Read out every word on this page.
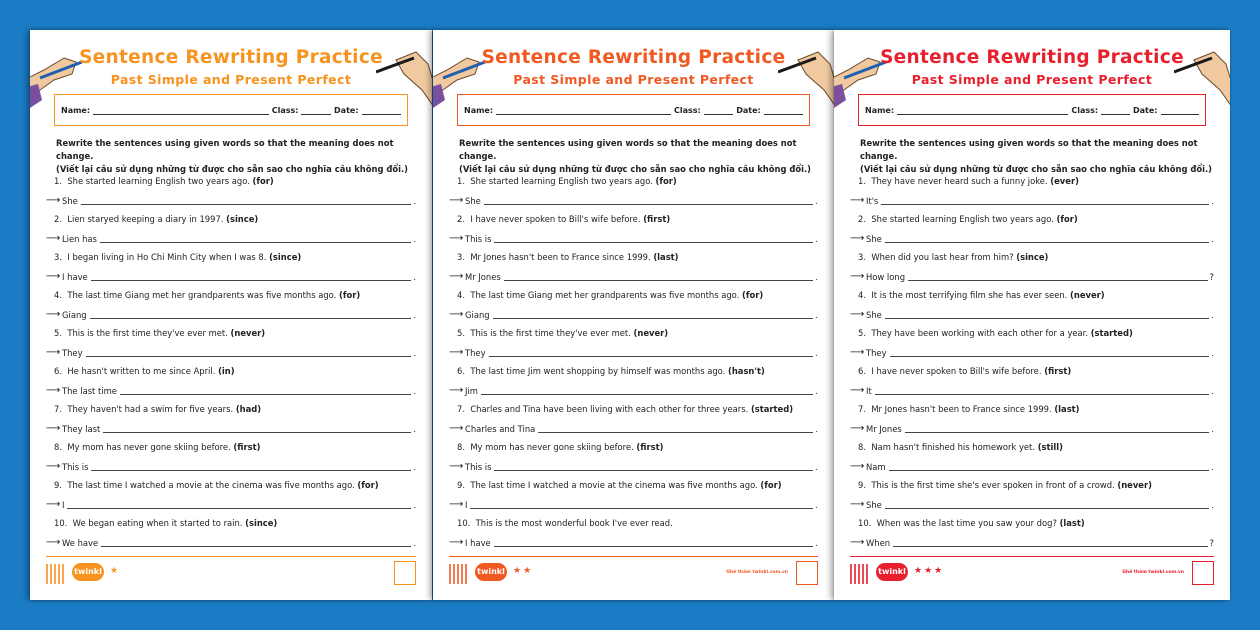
Sentence Rewriting Practice
Past Simple and Present Perfect
Name:	Class:	Date:
Rewrite the sentences using given words so that the meaning does not change.
(Viết lại câu sử dụng những từ được cho sẵn sao cho nghĩa câu không đổi.)
1. She started learning English two years ago. (for)
⟶ She	.
2. Lien staryed keeping a diary in 1997. (since)
⟶ Lien has	.
3. I began living in Ho Chi Minh City when I was 8. (since)
⟶ I have	.
4. The last time Giang met her grandparents was five months ago. (for)
⟶ Giang	.
5. This is the first time they've ever met. (never)
⟶ They	.
6. He hasn't written to me since April. (in)
⟶ The last time	.
7. They haven't had a swim for five years. (had)
⟶ They last	.
8. My mom has never gone skiing before. (first)
⟶ This is	.
9. The last time I watched a movie at the cinema was five months ago. (for)
⟶ I	.
10. We began eating when it started to rain. (since)
⟶ We have	.
twinkl ★
Sentence Rewriting Practice
Past Simple and Present Perfect
Name:	Class:	Date:
Rewrite the sentences using given words so that the meaning does not change.
(Viết lại câu sử dụng những từ được cho sẵn sao cho nghĩa câu không đổi.)
1. She started learning English two years ago. (for)
⟶ She	.
2. I have never spoken to Bill's wife before. (first)
⟶ This is	.
3. Mr Jones hasn't been to France since 1999. (last)
⟶ Mr Jones	.
4. The last time Giang met her grandparents was five months ago. (for)
⟶ Giang	.
5. This is the first time they've ever met. (never)
⟶ They	.
6. The last time Jim went shopping by himself was months ago. (hasn't)
⟶ Jim	.
7. Charles and Tina have been living with each other for three years. (started)
⟶ Charles and Tina	.
8. My mom has never gone skiing before. (first)
⟶ This is	.
9. The last time I watched a movie at the cinema was five months ago. (for)
⟶ I	.
10. This is the most wonderful book I've ever read.
⟶ I have	.
twinkl ★★	Ghé thăm twinkl.com.vn
Sentence Rewriting Practice
Past Simple and Present Perfect
Name:	Class:	Date:
Rewrite the sentences using given words so that the meaning does not change.
(Viết lại câu sử dụng những từ được cho sẵn sao cho nghĩa câu không đổi.)
1. They have never heard such a funny joke. (ever)
⟶ It's	.
2. She started learning English two years ago. (for)
⟶ She	.
3. When did you last hear from him? (since)
⟶ How long	?
4. It is the most terrifying film she has ever seen. (never)
⟶ She	.
5. They have been working with each other for a year. (started)
⟶ They	.
6. I have never spoken to Bill's wife before. (first)
⟶ It	.
7. Mr Jones hasn't been to France since 1999. (last)
⟶ Mr Jones	.
8. Nam hasn't finished his homework yet. (still)
⟶ Nam	.
9. This is the first time she's ever spoken in front of a crowd. (never)
⟶ She	.
10. When was the last time you saw your dog? (last)
⟶ When	?
twinkl ★★★	Ghé thăm twinkl.com.vn
